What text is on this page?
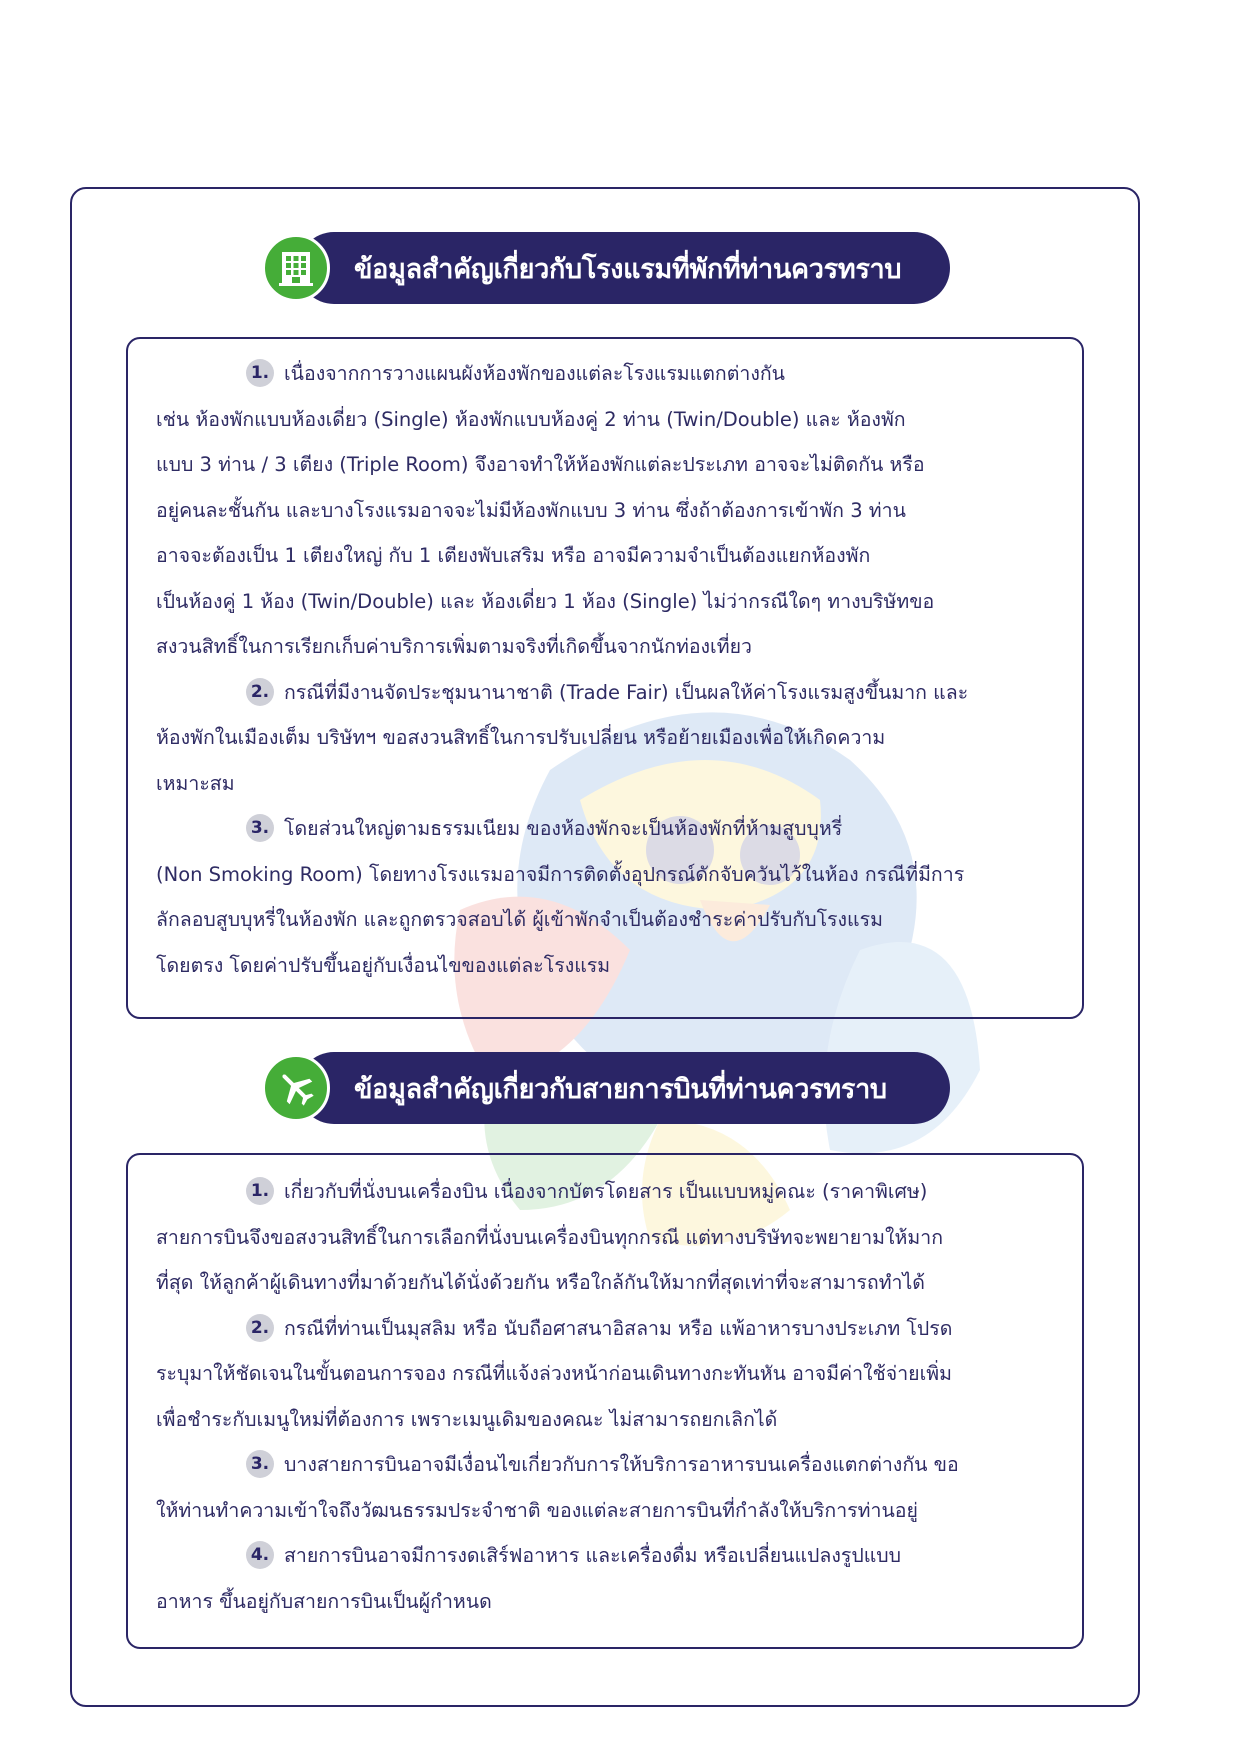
ข้อมูลสำคัญเกี่ยวกับโรงแรมที่พักที่ท่านควรทราบ
1. เนื่องจากการวางแผนผังห้องพักของแต่ละโรงแรมแตกต่างกัน
เช่น ห้องพักแบบห้องเดี่ยว (Single) ห้องพักแบบห้องคู่ 2 ท่าน (Twin/Double) และ ห้องพัก
แบบ 3 ท่าน / 3 เตียง (Triple Room) จึงอาจทำให้ห้องพักแต่ละประเภท อาจจะไม่ติดกัน หรือ
อยู่คนละชั้นกัน และบางโรงแรมอาจจะไม่มีห้องพักแบบ 3 ท่าน ซึ่งถ้าต้องการเข้าพัก 3 ท่าน
อาจจะต้องเป็น 1 เตียงใหญ่ กับ 1 เตียงพับเสริม หรือ อาจมีความจำเป็นต้องแยกห้องพัก
เป็นห้องคู่ 1 ห้อง (Twin/Double) และ ห้องเดี่ยว 1 ห้อง (Single) ไม่ว่ากรณีใดๆ ทางบริษัทขอ
สงวนสิทธิ์ในการเรียกเก็บค่าบริการเพิ่มตามจริงที่เกิดขึ้นจากนักท่องเที่ยว
2. กรณีที่มีงานจัดประชุมนานาชาติ (Trade Fair) เป็นผลให้ค่าโรงแรมสูงขึ้นมาก และ
ห้องพักในเมืองเต็ม บริษัทฯ ขอสงวนสิทธิ์ในการปรับเปลี่ยน หรือย้ายเมืองเพื่อให้เกิดความ
เหมาะสม
3. โดยส่วนใหญ่ตามธรรมเนียม ของห้องพักจะเป็นห้องพักที่ห้ามสูบบุหรี่
(Non Smoking Room) โดยทางโรงแรมอาจมีการติดตั้งอุปกรณ์ดักจับควันไว้ในห้อง กรณีที่มีการ
ลักลอบสูบบุหรี่ในห้องพัก และถูกตรวจสอบได้ ผู้เข้าพักจำเป็นต้องชำระค่าปรับกับโรงแรม
โดยตรง โดยค่าปรับขึ้นอยู่กับเงื่อนไขของแต่ละโรงแรม
ข้อมูลสำคัญเกี่ยวกับสายการบินที่ท่านควรทราบ
1. เกี่ยวกับที่นั่งบนเครื่องบิน เนื่องจากบัตรโดยสาร เป็นแบบหมู่คณะ (ราคาพิเศษ)
สายการบินจึงขอสงวนสิทธิ์ในการเลือกที่นั่งบนเครื่องบินทุกกรณี แต่ทางบริษัทจะพยายามให้มาก
ที่สุด ให้ลูกค้าผู้เดินทางที่มาด้วยกันได้นั่งด้วยกัน หรือใกล้กันให้มากที่สุดเท่าที่จะสามารถทำได้
2. กรณีที่ท่านเป็นมุสลิม หรือ นับถือศาสนาอิสลาม หรือ แพ้อาหารบางประเภท โปรด
ระบุมาให้ชัดเจนในขั้นตอนการจอง กรณีที่แจ้งล่วงหน้าก่อนเดินทางกะทันหัน อาจมีค่าใช้จ่ายเพิ่ม
เพื่อชำระกับเมนูใหม่ที่ต้องการ เพราะเมนูเดิมของคณะ ไม่สามารถยกเลิกได้
3. บางสายการบินอาจมีเงื่อนไขเกี่ยวกับการให้บริการอาหารบนเครื่องแตกต่างกัน ขอ
ให้ท่านทำความเข้าใจถึงวัฒนธรรมประจำชาติ ของแต่ละสายการบินที่กำลังให้บริการท่านอยู่
4. สายการบินอาจมีการงดเสิร์ฟอาหาร และเครื่องดื่ม หรือเปลี่ยนแปลงรูปแบบ
อาหาร ขึ้นอยู่กับสายการบินเป็นผู้กำหนด
